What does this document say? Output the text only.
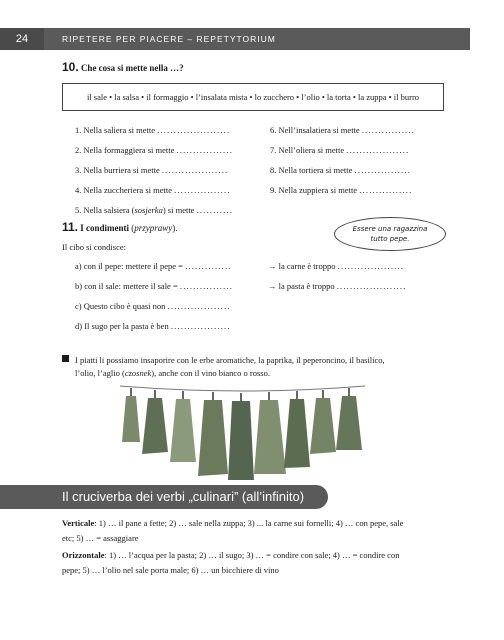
24	RIPETERE PER PIACERE – REPETYTORIUM
10. Che cosa si mette nella …?
il sale • la salsa • il formaggio • l’insalata mista • lo zucchero • l’olio • la torta • la zuppa • il burro
1. Nella saliera si mette ......................
2. Nella formaggiera si mette .................
3. Nella burriera si mette ....................
4. Nella zuccheriera si mette .................
5. Nella salsiera (sosjerka) si mette ...........
6. Nell’insalatiera si mette ................
7. Nell’oliera si mette ...................
8. Nella tortiera si mette .................
9. Nella zuppiera si mette ................
11. I condimenti (przyprawy).	Essere una ragazzina
tutto pepe.
Il cibo si condisce:
a) con il pepe: mettere il pepe = ..............
b) con il sale: mettere il sale = ................
c) Questo cibo è quasi non ...................
d) Il sugo per la pasta è ben ..................
→ la carne è troppo ....................
→ la pasta è troppo .....................
I piatti li possiamo insaporire con le erbe aromatiche, la paprika, il peperoncino, il basilico,
l’olio, l’aglio (czosnek), anche con il vino bianco o rosso.
Il cruciverba dei verbi „culinari” (all’infinito)
Verticale: 1) … il pane a fette; 2) … sale nella zuppa; 3) ... la carne sui fornelli; 4) … con pepe, sale
etc; 5) … = assaggiare
Orizzontale: 1) … l’acqua per la pasta; 2) … il sugo; 3) … = condire con sale; 4) … = condire con
pepe; 5) … l’olio nel sale porta male; 6) … un bicchiere di vino
